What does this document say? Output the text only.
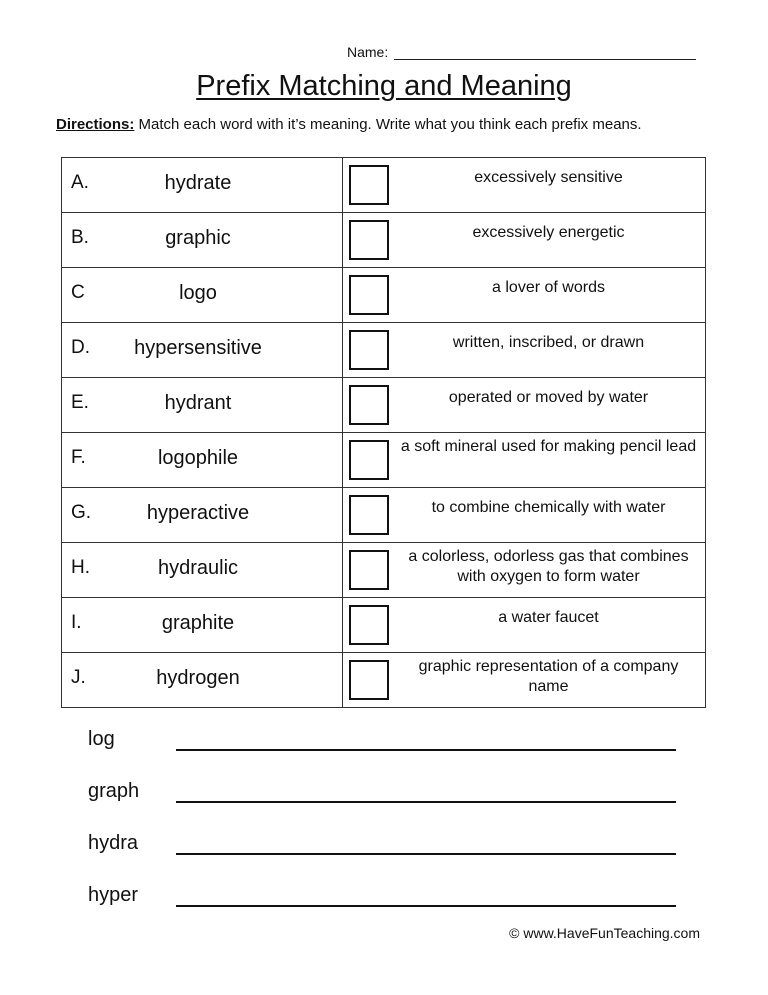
Name:
Prefix Matching and Meaning
Directions: Match each word with it’s meaning. Write what you think each prefix means.
A. hydrate	excessively sensitive

B. graphic	excessively energetic

C logo	a lover of words

D. hypersensitive	written, inscribed, or drawn

E. hydrant	operated or moved by water

F. logophile	a soft mineral used for making pencil lead

G. hyperactive	to combine chemically with water

H. hydraulic	a colorless, odorless gas that combines with oxygen to form water

I. graphite	a water faucet

J. hydrogen	graphic representation of a company name
log
graph
hydra
hyper
© www.HaveFunTeaching.com
